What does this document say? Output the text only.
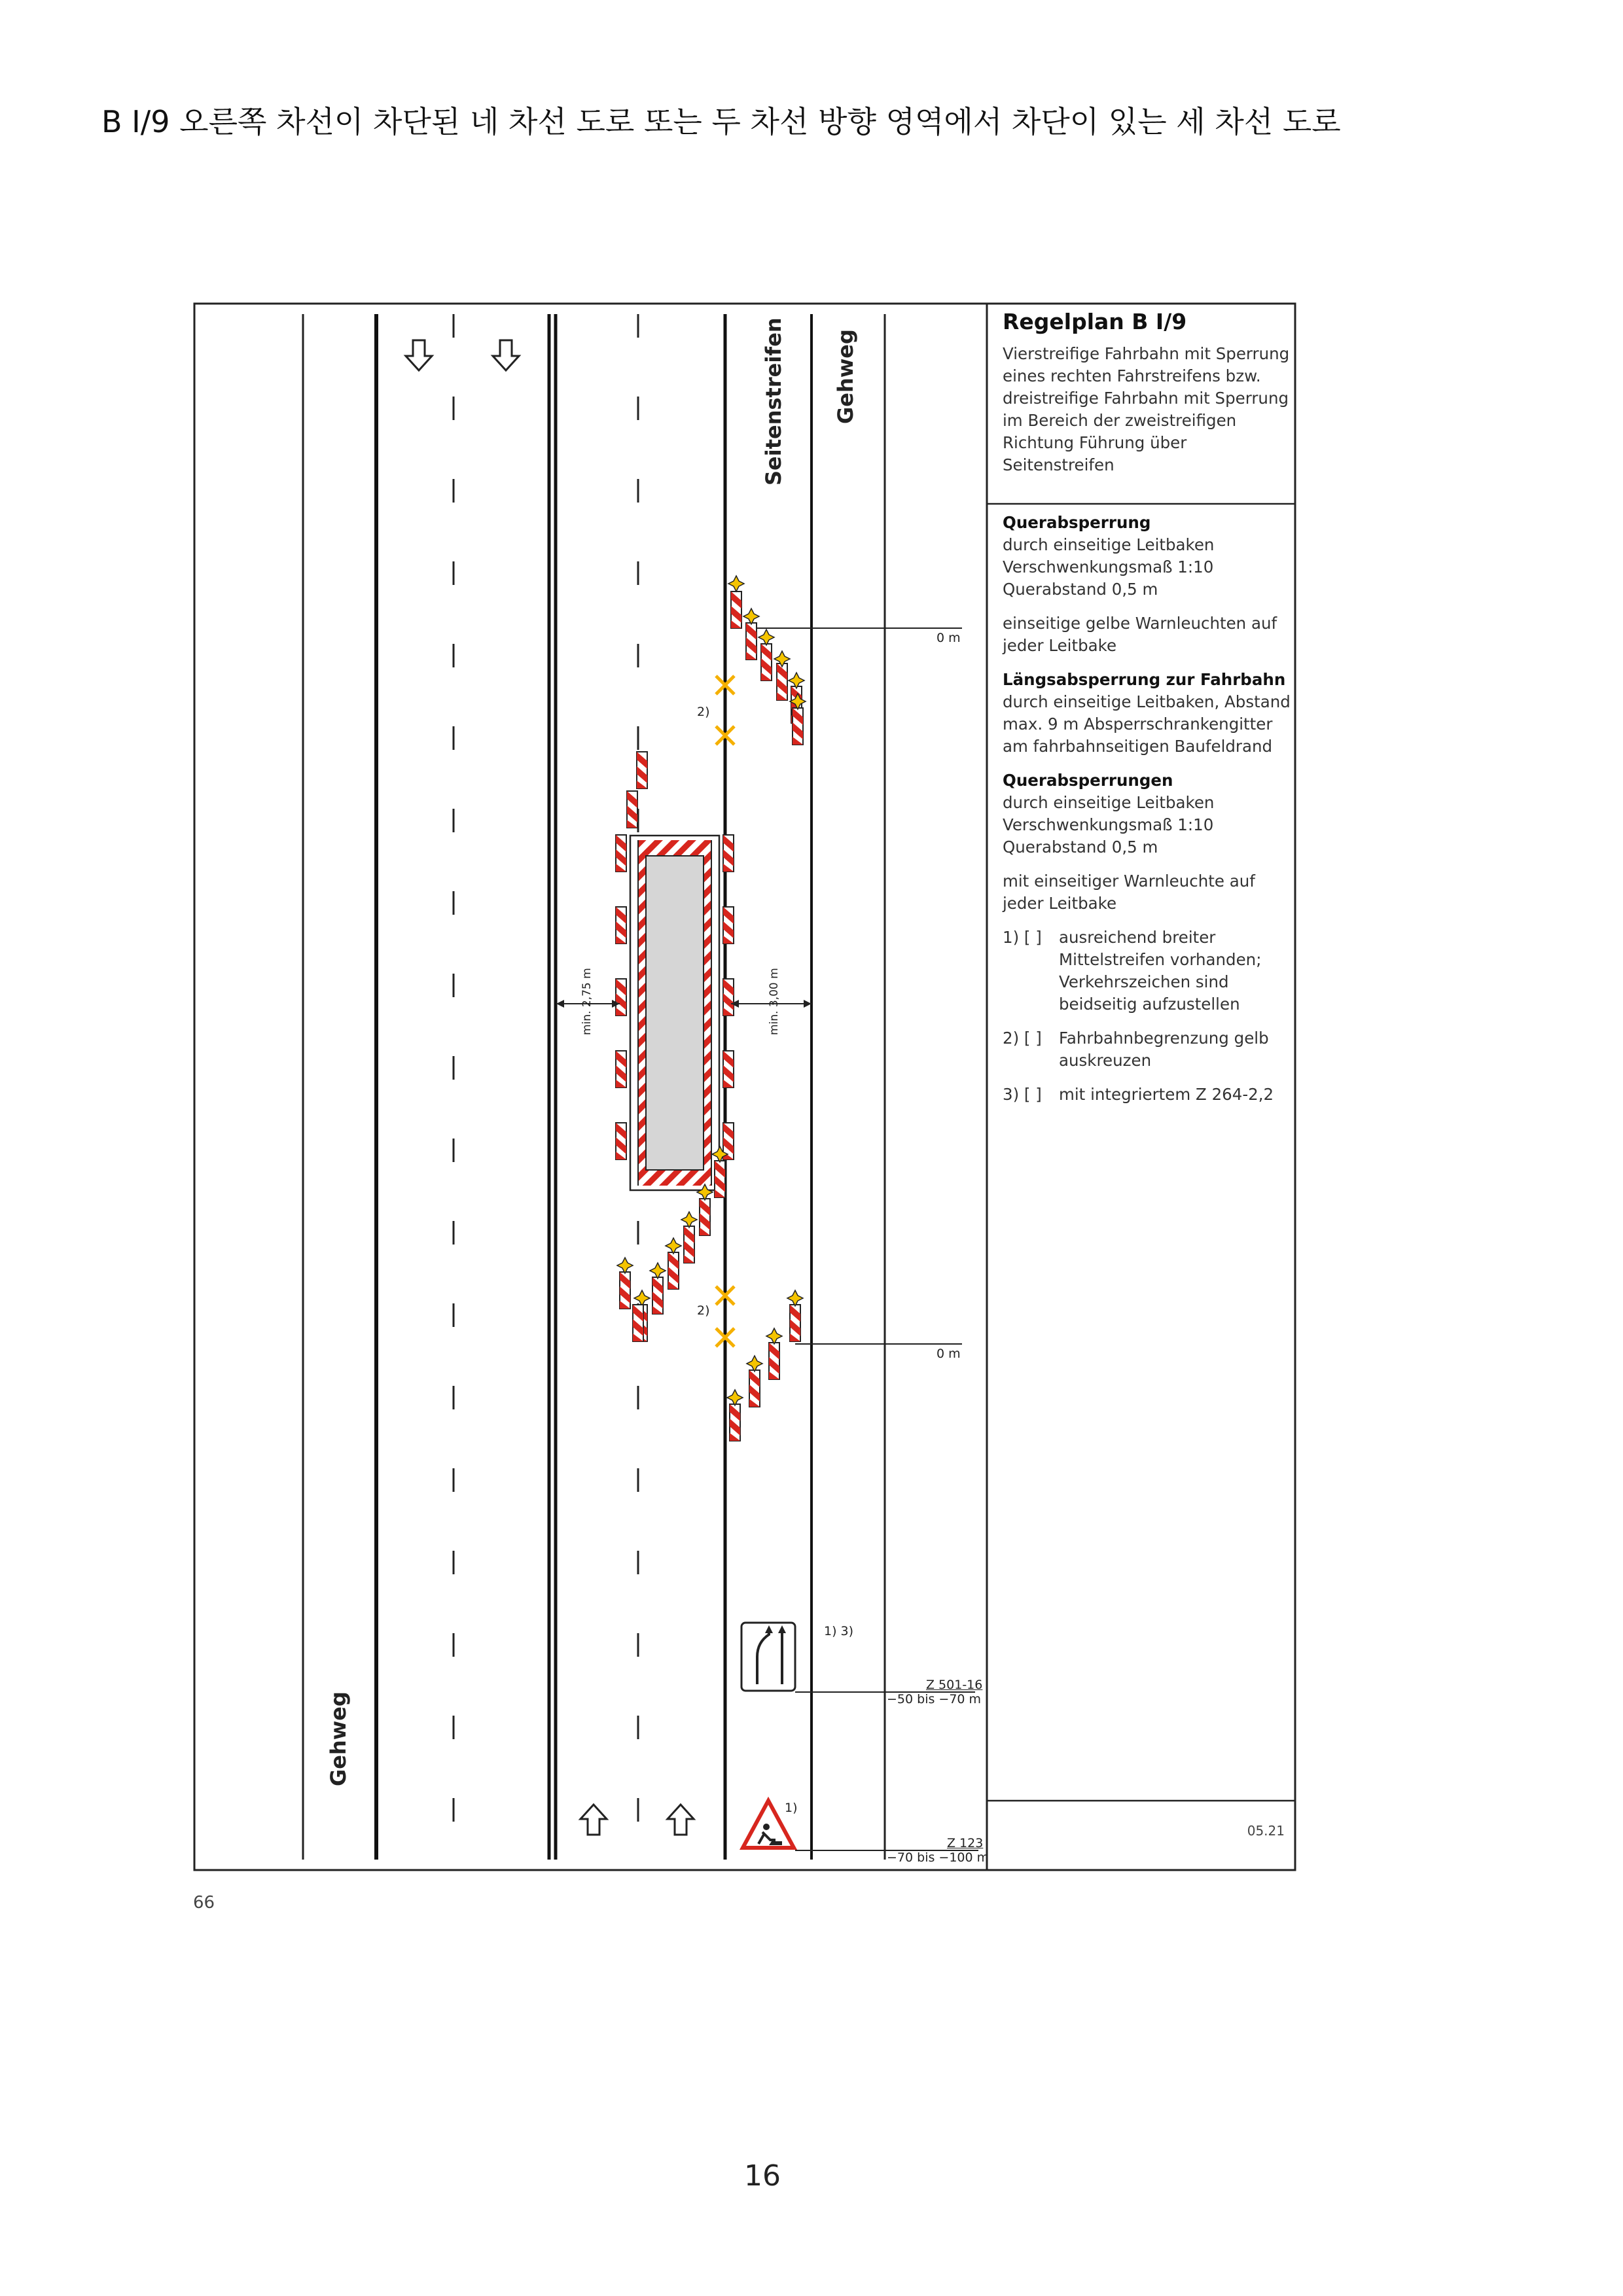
B I/9 오른쪽 차선이 차단된 네 차선 도로 또는 두 차선 방향 영역에서 차단이 있는 세 차선 도로
Seitenstreifen Gehweg
Gehweg
min. 2,75 m	min. 3,00 m
0 m
0 m
2)
2)
1) 3)
1)
Z 501-16
−50 bis −70 m
Z 123
−70 bis −100 m
Regelplan B I/9
Vierstreifige Fahrbahn mit Sperrung eines rechten Fahrstreifens bzw. dreistreifige Fahrbahn mit Sperrung im Bereich der zweistreifigen Richtung Führung über Seitenstreifen

Querabsperrung
durch einseitige Leitbaken Verschwenkungsmaß 1:10 Querabstand 0,5 m

einseitige gelbe Warnleuchten auf jeder Leitbake

Längsabsperrung zur Fahrbahn
durch einseitige Leitbaken, Abstand max. 9 m Absperrschrankengitter am fahrbahnseitigen Baufeldrand

Querabsperrungen
durch einseitige Leitbaken Verschwenkungsmaß 1:10 Querabstand 0,5 m

mit einseitiger Warnleuchte auf jeder Leitbake

1) [ ]	ausreichend breiter Mittelstreifen vorhanden; Verkehrszeichen sind beidseitig aufzustellen
2) [ ]	Fahrbahnbegrenzung gelb auskreuzen
3) [ ]	mit integriertem Z 264-2,2
05.21
66
16
